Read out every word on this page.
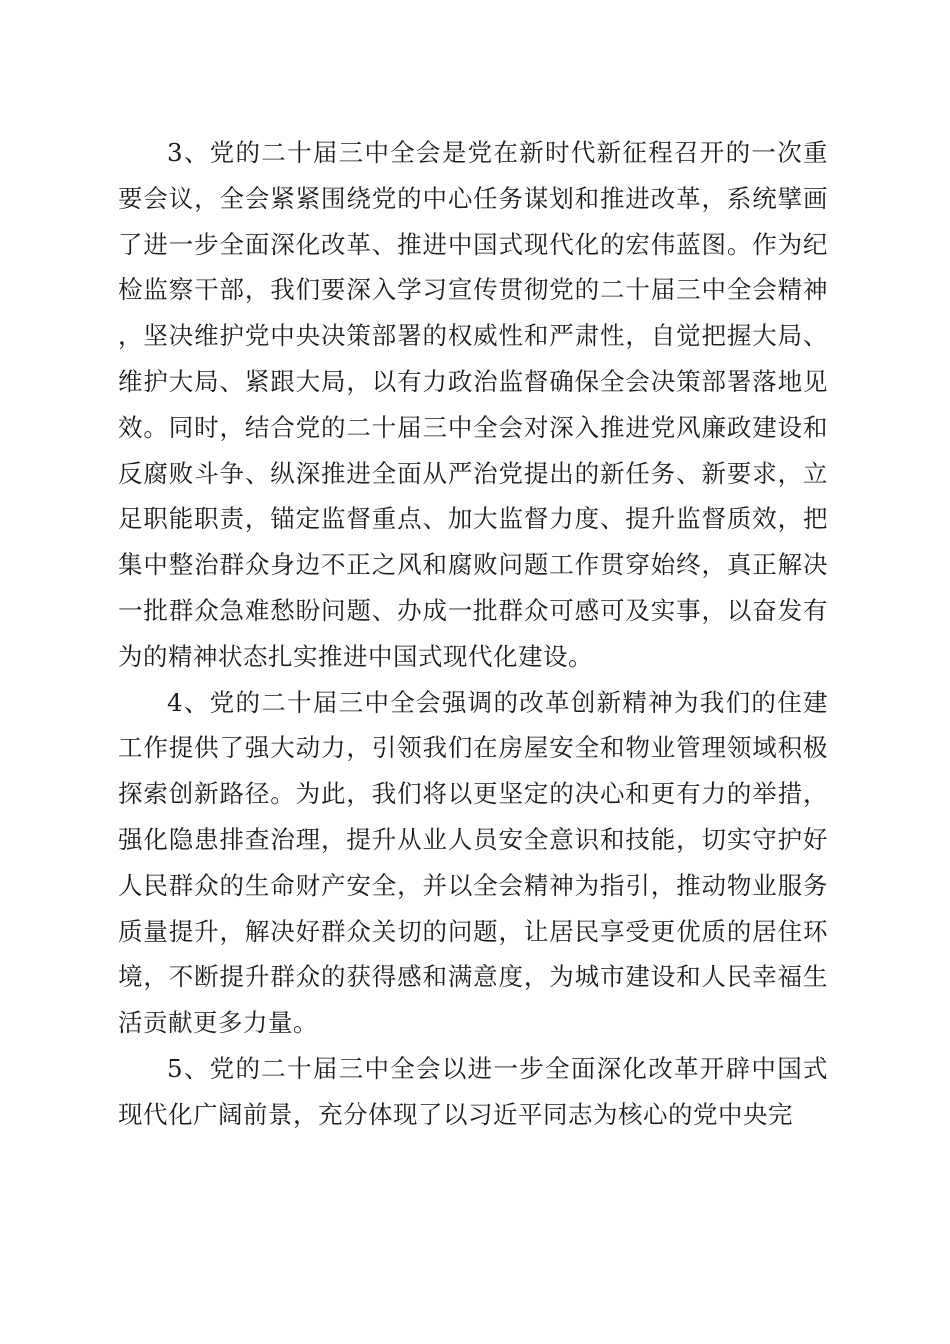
3、党的二十届三中全会是党在新时代新征程召开的一次重要会议，全会紧紧围绕党的中心任务谋划和推进改革，系统擘画了进一步全面深化改革、推进中国式现代化的宏伟蓝图。作为纪检监察干部，我们要深入学习宣传贯彻党的二十届三中全会精神，坚决维护党中央决策部署的权威性和严肃性，自觉把握大局、维护大局、紧跟大局，以有力政治监督确保全会决策部署落地见效。同时，结合党的二十届三中全会对深入推进党风廉政建设和反腐败斗争、纵深推进全面从严治党提出的新任务、新要求，立足职能职责，锚定监督重点、加大监督力度、提升监督质效，把集中整治群众身边不正之风和腐败问题工作贯穿始终，真正解决一批群众急难愁盼问题、办成一批群众可感可及实事，以奋发有为的精神状态扎实推进中国式现代化建设。

4、党的二十届三中全会强调的改革创新精神为我们的住建工作提供了强大动力，引领我们在房屋安全和物业管理领域积极探索创新路径。为此，我们将以更坚定的决心和更有力的举措，强化隐患排查治理，提升从业人员安全意识和技能，切实守护好人民群众的生命财产安全，并以全会精神为指引，推动物业服务质量提升，解决好群众关切的问题，让居民享受更优质的居住环境，不断提升群众的获得感和满意度，为城市建设和人民幸福生活贡献更多力量。

5、党的二十届三中全会以进一步全面深化改革开辟中国式现代化广阔前景，充分体现了以习近平同志为核心的党中央完
